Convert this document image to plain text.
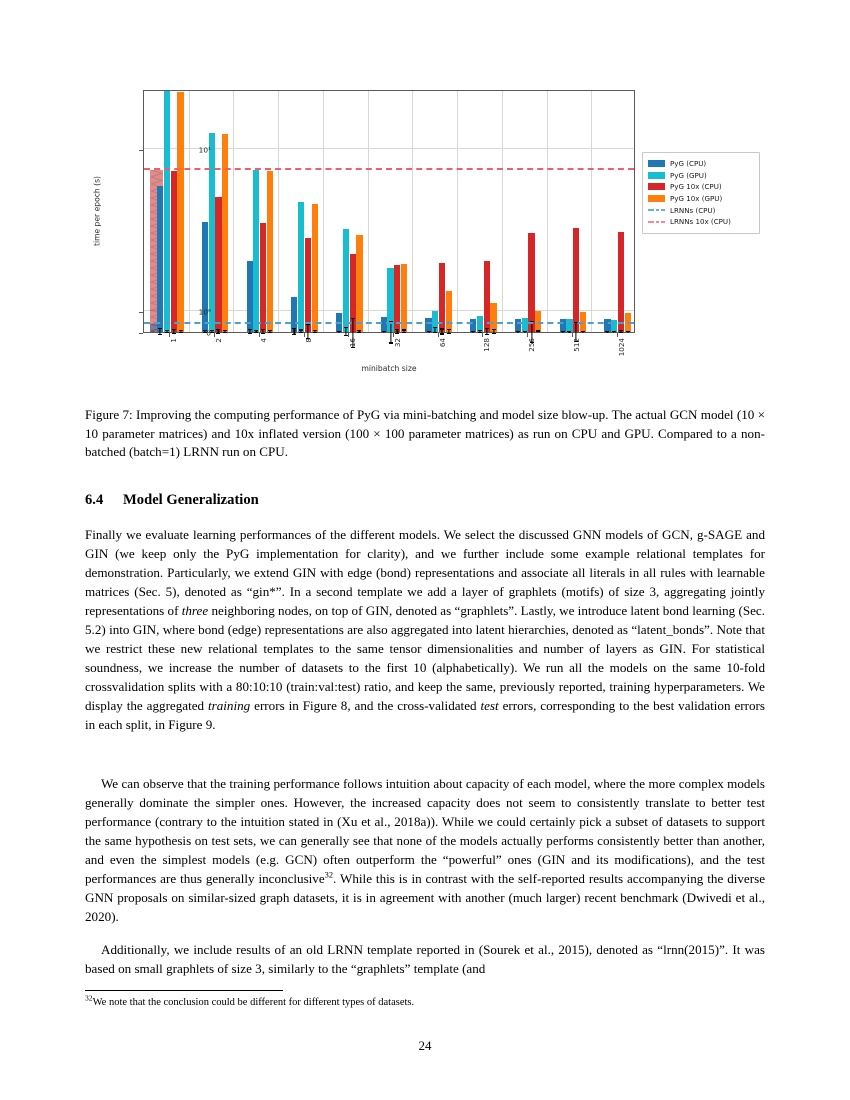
time per epoch (s)
minibatch size
PyG (CPU)
PyG (GPU)
PyG 10x (CPU)
PyG 10x (GPU)
LRNNs (CPU)
LRNNs 10x (CPU)
0
10⁰
10¹
1	2	4	8	16	32	64	128	256	512	1024
Figure 7: Improving the computing performance of PyG via mini-batching and model size blow-up. The actual GCN model (10 × 10 parameter matrices) and 10x inflated version (100 × 100 parameter matrices) as run on CPU and GPU. Compared to a non-batched (batch=1) LRNN run on CPU.
6.4 Model Generalization
Finally we evaluate learning performances of the different models. We select the discussed GNN models of GCN, g-SAGE and GIN (we keep only the PyG implementation for clarity), and we further include some example relational templates for demonstration. Particularly, we extend GIN with edge (bond) representations and associate all literals in all rules with learnable matrices (Sec. 5), denoted as “gin*”. In a second template we add a layer of graphlets (motifs) of size 3, aggregating jointly representations of three neighboring nodes, on top of GIN, denoted as “graphlets”. Lastly, we introduce latent bond learning (Sec. 5.2) into GIN, where bond (edge) representations are also aggregated into latent hierarchies, denoted as “latent_bonds”. Note that we restrict these new relational templates to the same tensor dimensionalities and number of layers as GIN. For statistical soundness, we increase the number of datasets to the first 10 (alphabetically). We run all the models on the same 10-fold crossvalidation splits with a 80:10:10 (train:val:test) ratio, and keep the same, previously reported, training hyperparameters. We display the aggregated training errors in Figure 8, and the cross-validated test errors, corresponding to the best validation errors in each split, in Figure 9.
We can observe that the training performance follows intuition about capacity of each model, where the more complex models generally dominate the simpler ones. However, the increased capacity does not seem to consistently translate to better test performance (contrary to the intuition stated in (Xu et al., 2018a)). While we could certainly pick a subset of datasets to support the same hypothesis on test sets, we can generally see that none of the models actually performs consistently better than another, and even the simplest models (e.g. GCN) often outperform the “powerful” ones (GIN and its modifications), and the test performances are thus generally inconclusive$^{32}$. While this is in contrast with the self-reported results accompanying the diverse GNN proposals on similar-sized graph datasets, it is in agreement with another (much larger) recent benchmark (Dwivedi et al., 2020).
Additionally, we include results of an old LRNN template reported in (Sourek et al., 2015), denoted as “lrnn(2015)”. It was based on small graphlets of size 3, similarly to the “graphlets” template (and
$^{32}$We note that the conclusion could be different for different types of datasets.
24
